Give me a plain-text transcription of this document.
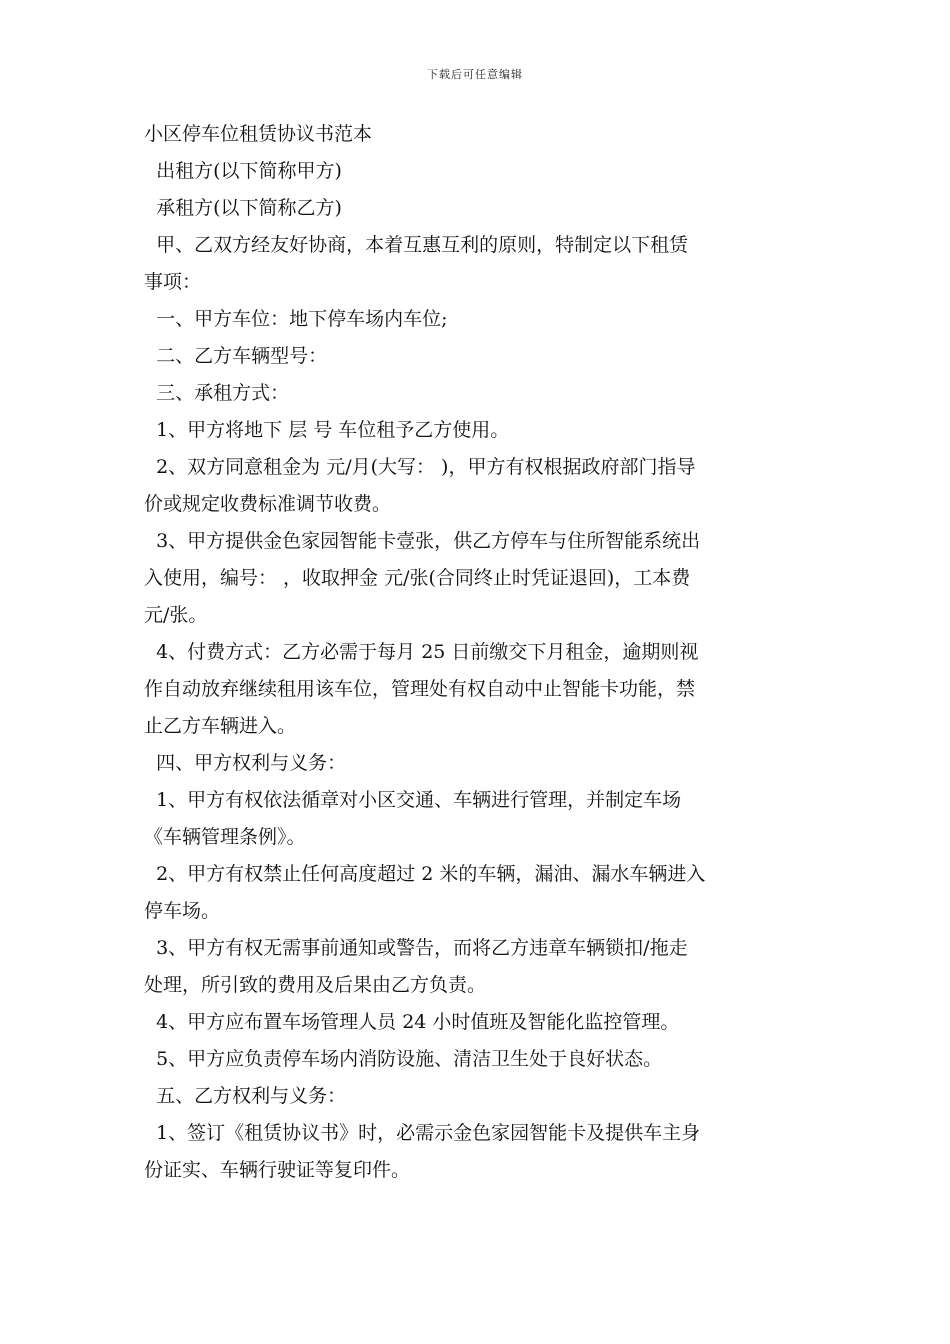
下载后可任意编辑
小区停车位租赁协议书范本
出租方(以下简称甲方)
承租方(以下简称乙方)
甲、乙双方经友好协商，本着互惠互利的原则，特制定以下租赁
事项：
一、甲方车位：地下停车场内车位;
二、乙方车辆型号：
三、承租方式：
1、甲方将地下 层 号 车位租予乙方使用。
2、双方同意租金为 元/月(大写： )，甲方有权根据政府部门指导
价或规定收费标准调节收费。
3、甲方提供金色家园智能卡壹张，供乙方停车与住所智能系统出
入使用，编号： ，收取押金 元/张(合同终止时凭证退回)，工本费
元/张。
4、付费方式：乙方必需于每月 25 日前缴交下月租金，逾期则视
作自动放弃继续租用该车位，管理处有权自动中止智能卡功能，禁
止乙方车辆进入。
四、甲方权利与义务：
1、甲方有权依法循章对小区交通、车辆进行管理，并制定车场
《车辆管理条例》。
2、甲方有权禁止任何高度超过 2 米的车辆，漏油、漏水车辆进入
停车场。
3、甲方有权无需事前通知或警告，而将乙方违章车辆锁扣/拖走
处理，所引致的费用及后果由乙方负责。
4、甲方应布置车场管理人员 24 小时值班及智能化监控管理。
5、甲方应负责停车场内消防设施、清洁卫生处于良好状态。
五、乙方权利与义务：
1、签订《租赁协议书》时，必需示金色家园智能卡及提供车主身
份证实、车辆行驶证等复印件。
